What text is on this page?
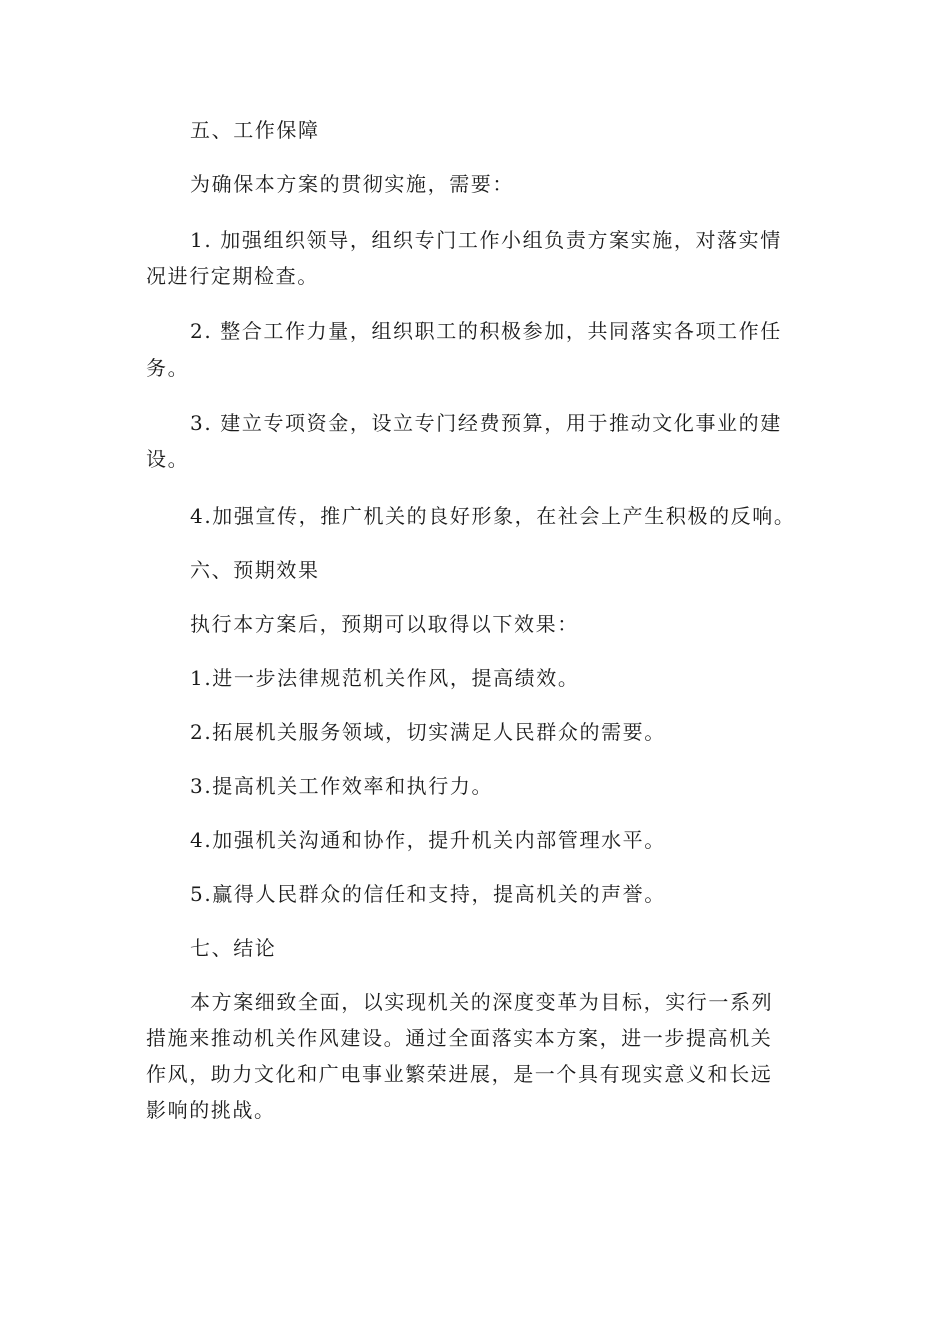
五、工作保障
为确保本方案的贯彻实施，需要：
1. 加强组织领导，组织专门工作小组负责方案实施，对落实情
况进行定期检查。
2. 整合工作力量，组织职工的积极参加，共同落实各项工作任
务。
3. 建立专项资金，设立专门经费预算，用于推动文化事业的建
设。
4.加强宣传，推广机关的良好形象，在社会上产生积极的反响。
六、预期效果
执行本方案后，预期可以取得以下效果：
1.进一步法律规范机关作风，提高绩效。
2.拓展机关服务领域，切实满足人民群众的需要。
3.提高机关工作效率和执行力。
4.加强机关沟通和协作，提升机关内部管理水平。
5.赢得人民群众的信任和支持，提高机关的声誉。
七、结论
本方案细致全面，以实现机关的深度变革为目标，实行一系列
措施来推动机关作风建设。通过全面落实本方案，进一步提高机关
作风，助力文化和广电事业繁荣进展，是一个具有现实意义和长远
影响的挑战。
